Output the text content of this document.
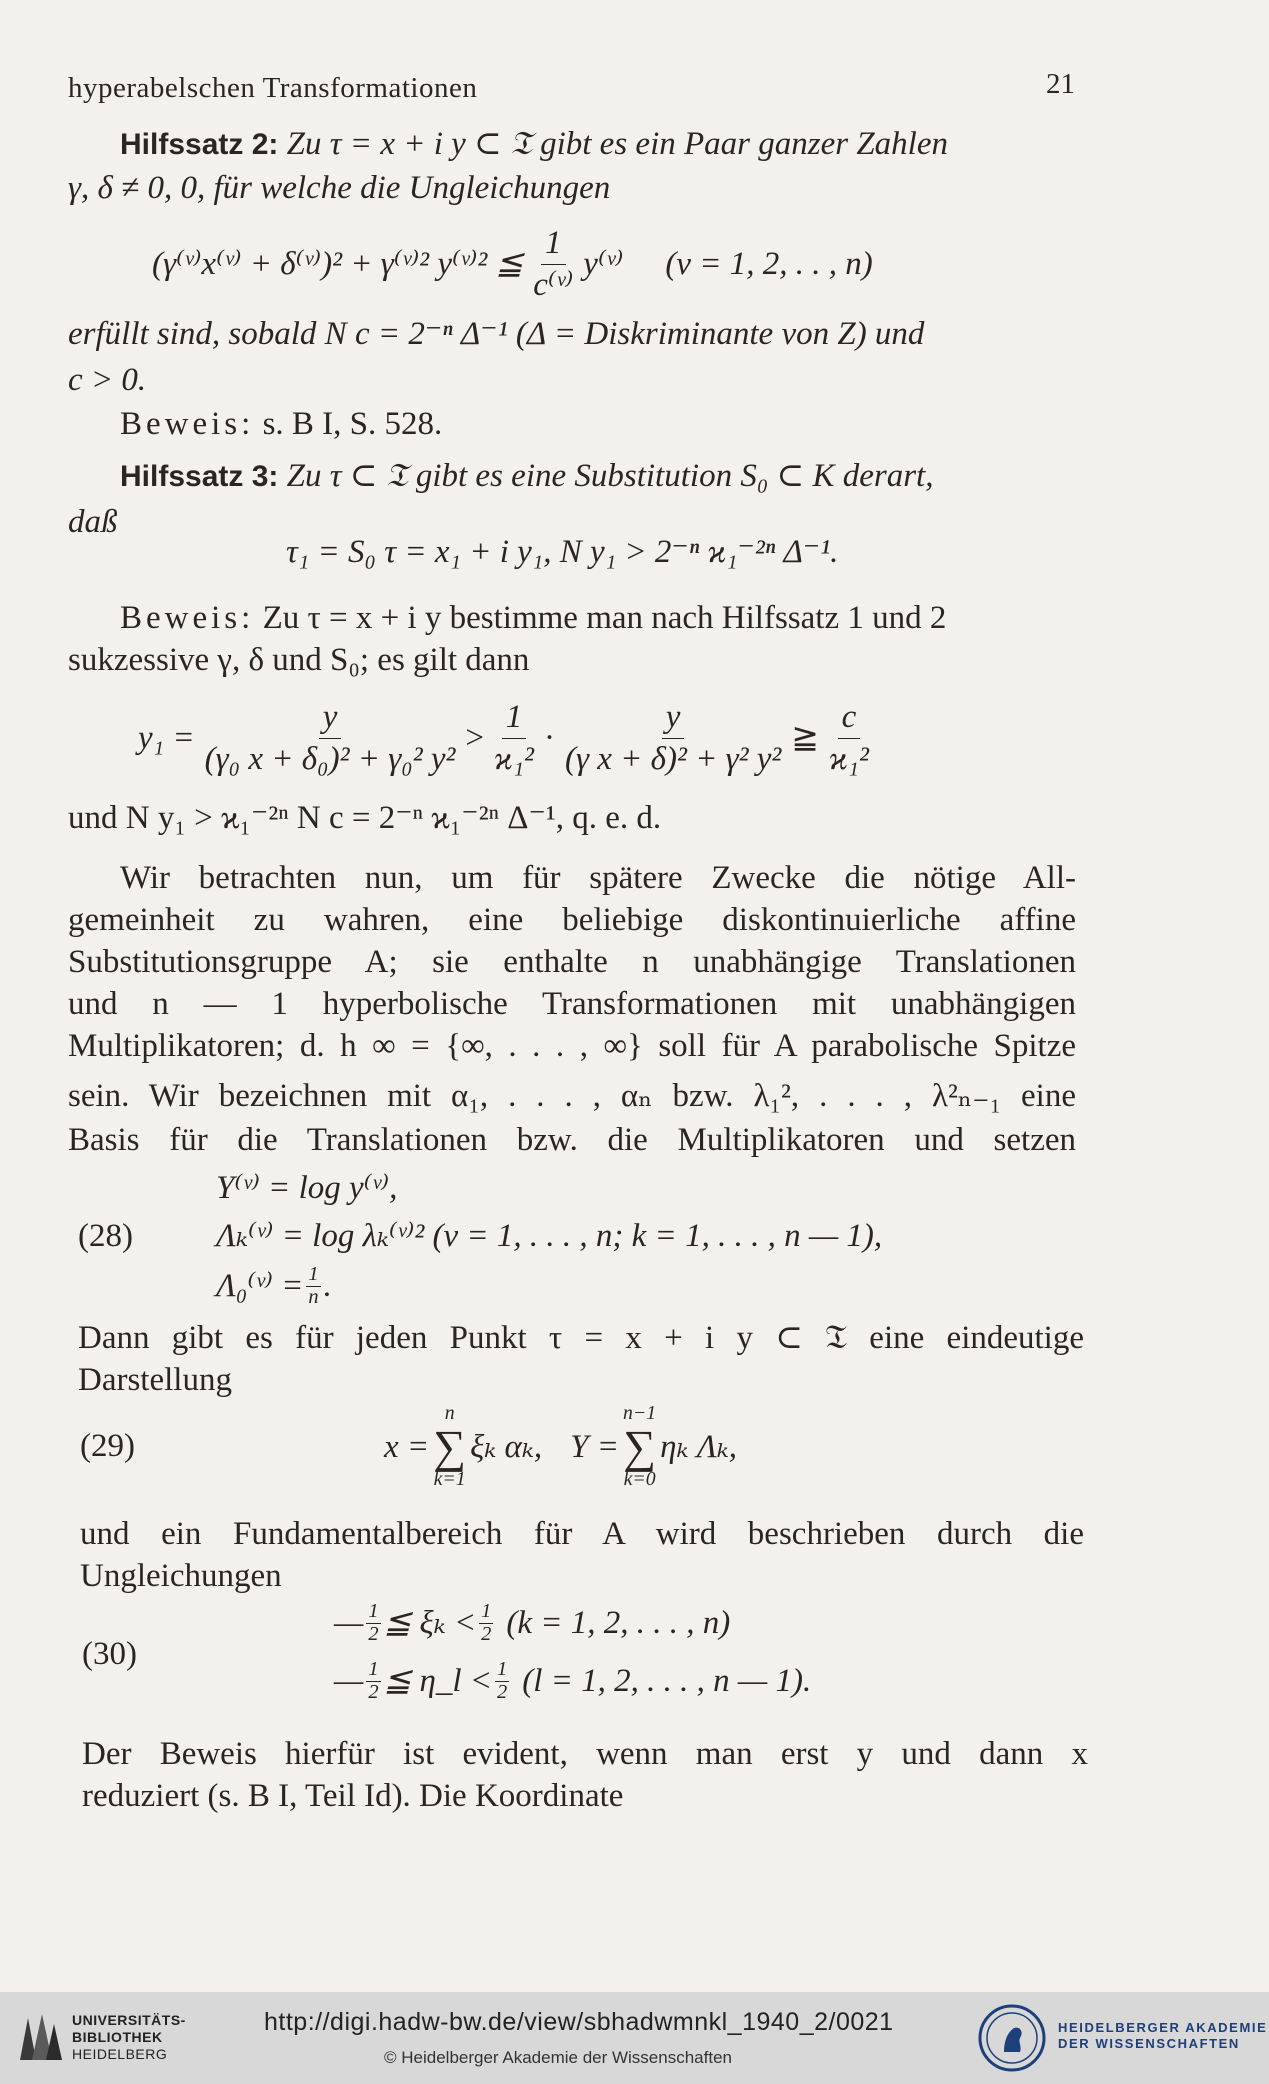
hyperabelschen Transformationen	21
Hilfssatz 2: Zu τ = x + i y ⊂ 𝔗 gibt es ein Paar ganzer Zahlen
γ, δ ≠ 0, 0, für welche die Ungleichungen
(γ⁽ᵛ⁾x⁽ᵛ⁾ + δ⁽ᵛ⁾)² + γ⁽ᵛ⁾² y⁽ᵛ⁾² ≦ $\frac{1}{\text{c⁽ᵛ⁾}}$ y⁽ᵛ⁾ (ν = 1, 2, . . , n)
erfüllt sind, sobald N c = 2⁻ⁿ Δ⁻¹ (Δ = Diskriminante von Z) und
c > 0.
Beweis: s. B I, S. 528.
Hilfssatz 3: Zu τ ⊂ 𝔗 gibt es eine Substitution S₀ ⊂ K derart,
daß
τ₁ = S₀ τ = x₁ + i y₁, N y₁ > 2⁻ⁿ ϰ₁⁻²ⁿ Δ⁻¹.
Beweis: Zu τ = x + i y bestimme man nach Hilfssatz 1 und 2
sukzessive γ, δ und S₀; es gilt dann
$y_1 = \frac{y}{\text{(γ₀ x + δ₀)² + γ₀² y²}} > \frac{1}{\text{ϰ₁²}} \cdot \frac{y}{\text{(γ x + δ)² + γ² y²}}$ ≧ $\frac{c}{\text{ϰ₁²}}$
und N y₁ > ϰ₁⁻²ⁿ N c = 2⁻ⁿ ϰ₁⁻²ⁿ Δ⁻¹, q. e. d.
Wir betrachten nun, um für spätere Zwecke die nötige All-
gemeinheit zu wahren, eine beliebige diskontinuierliche affine
Substitutionsgruppe A; sie enthalte n unabhängige Translationen
und n — 1 hyperbolische Transformationen mit unabhängigen
Multiplikatoren; d. h ∞ = {∞, . . . , ∞} soll für A parabolische Spitze
sein. Wir bezeichnen mit α₁, . . . , αₙ bzw. λ₁², . . . , λ²ₙ₋₁ eine
Basis für die Translationen bzw. die Multiplikatoren und setzen
(28)
Y⁽ᵛ⁾ = log y⁽ᵛ⁾,
Λₖ⁽ᵛ⁾ = log λₖ⁽ᵛ⁾² (ν = 1, . . . , n; k = 1, . . . , n — 1),
Λ₀⁽ᵛ⁾ = $\frac{1}{n}$ .
Dann gibt es für jeden Punkt τ = x + i y ⊂ 𝔗 eine eindeutige
Darstellung
(29)	x =
n
∑
k=1
ξₖ αₖ, Y =
n−1
∑
k=0
ηₖ Λₖ,
und ein Fundamentalbereich für A wird beschrieben durch die
Ungleichungen
(30)
— $\frac{1}{2}$ ≦ $\xi_k < \frac{1}{2} (k = 1$, 2, . . . , n)
— $\frac{1}{2}$ ≦ η_l < $\frac{1}{2} (l = 1$, 2, . . . , n — 1).
Der Beweis hierfür ist evident, wenn man erst y und dann x
reduziert (s. B I, Teil Id). Die Koordinate
UNIVERSITÄTS-
BIBLIOTHEK
HEIDELBERG
http://digi.hadw-bw.de/view/sbhadwmnkl_1940_2/0021
© Heidelberger Akademie der Wissenschaften
HEIDELBERGER AKADEMIE
DER WISSENSCHAFTEN
